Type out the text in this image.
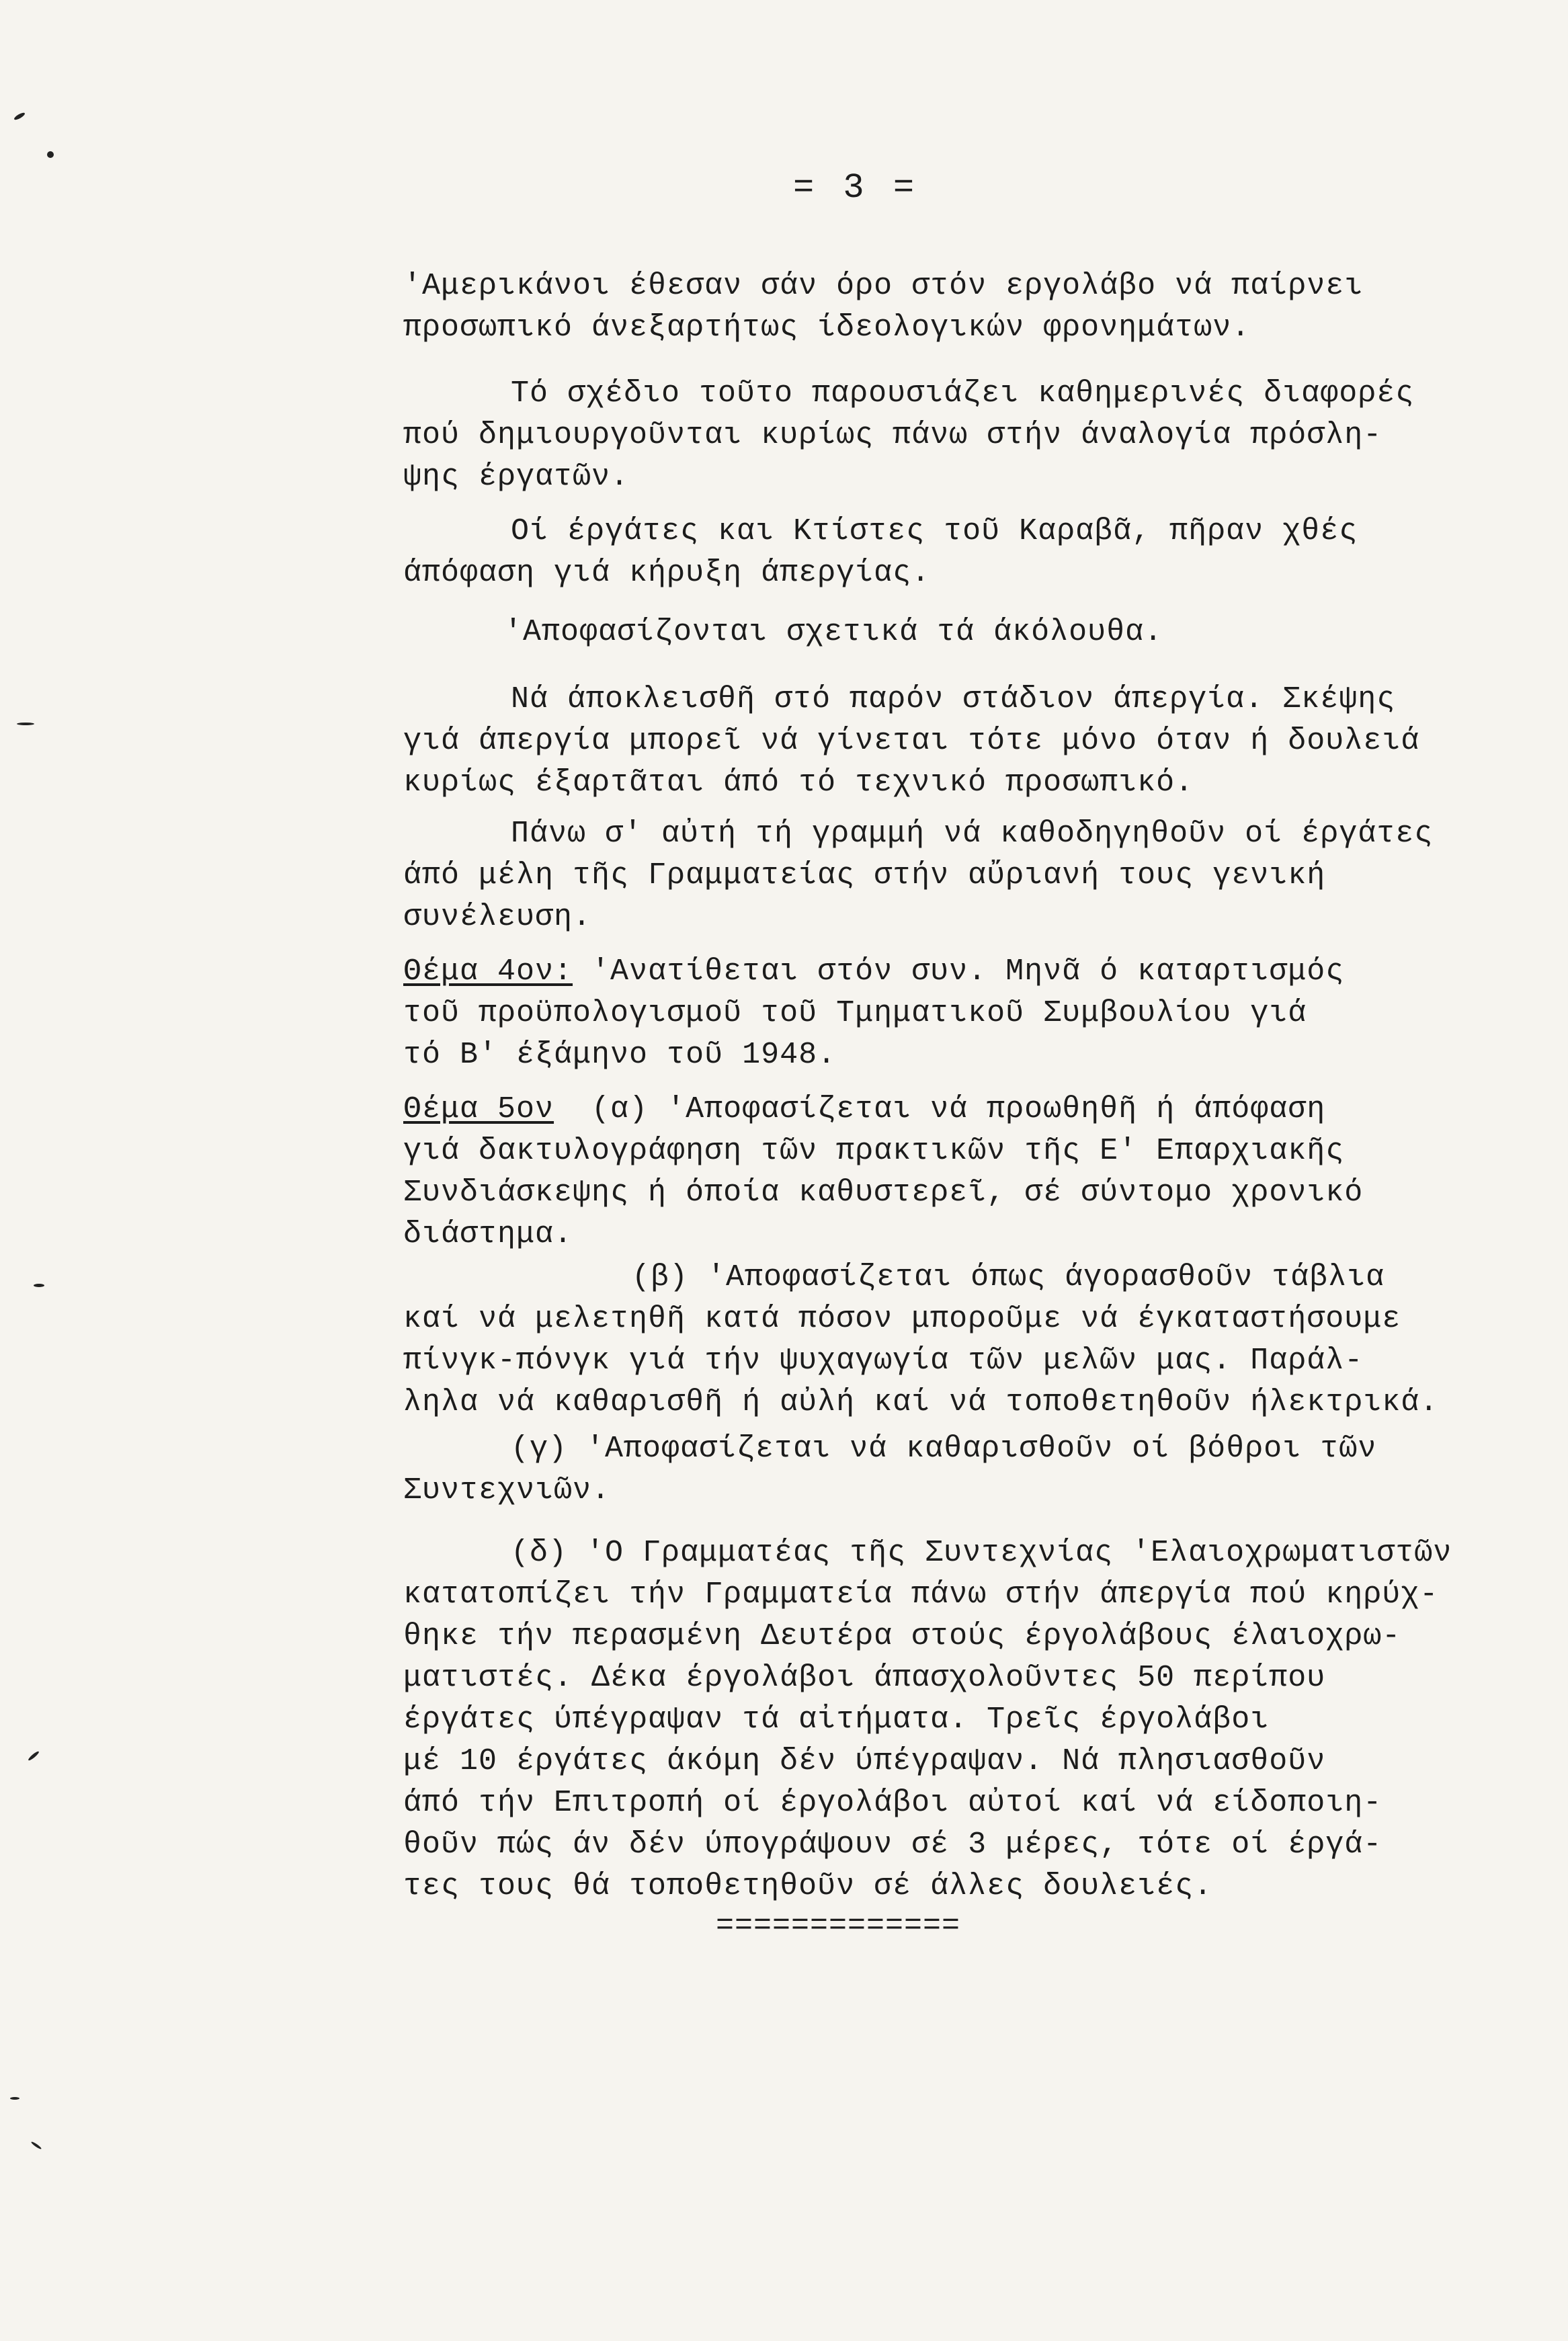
= 3 =

'Αμερικάνοι έθεσαν σάν όρο στόν εργολάβο νά παίρνει

προσωπικό άνεξαρτήτως ίδεολογικών φρονημάτων.

Τό σχέδιο τοῦτο παρουσιάζει καθημερινές διαφορές

πού δημιουργοῦνται κυρίως πάνω στήν άναλογία πρόσλη-

ψης έργατῶν.

Οί έργάτες και Κτίστες τοῦ Καραβᾶ, πῆραν χθές

άπόφαση γιά κήρυξη άπεργίας.

'Αποφασίζονται σχετικά τά άκόλουθα.

Νά άποκλεισθῆ στό παρόν στάδιον άπεργία. Σκέψης

γιά άπεργία μπορεῖ νά γίνεται τότε μόνο όταν ή δουλειά

κυρίως έξαρτᾶται άπό τό τεχνικό προσωπικό.

Πάνω σ' αὐτή τή γραμμή νά καθοδηγηθοῦν οί έργάτες

άπό μέλη τῆς Γραμματείας στήν αὔριανή τους γενική

συνέλευση.

Θέμα 4ον: 'Ανατίθεται στόν συν. Μηνᾶ ό καταρτισμός

τοῦ προϋπολογισμοῦ τοῦ Τμηματικοῦ Συμβουλίου γιά

τό Β' έξάμηνο τοῦ 1948.

Θέμα 5ον  (α) 'Αποφασίζεται νά προωθηθῆ ή άπόφαση

γιά δακτυλογράφηση τῶν πρακτικῶν τῆς Ε' Επαρχιακῆς

Συνδιάσκεψης ή όποία καθυστερεῖ, σέ σύντομο χρονικό

διάστημα.

(β) 'Αποφασίζεται όπως άγορασθοῦν τάβλια

καί νά μελετηθῆ κατά πόσον μποροῦμε νά έγκαταστήσουμε

πίνγκ-πόνγκ γιά τήν ψυχαγωγία τῶν μελῶν μας. Παράλ-

ληλα νά καθαρισθῆ ή αὐλή καί νά τοποθετηθοῦν ήλεκτρικά.

(γ) 'Αποφασίζεται νά καθαρισθοῦν οί βόθροι τῶν

Συντεχνιῶν.

(δ) 'Ο Γραμματέας τῆς Συντεχνίας 'Ελαιοχρωματιστῶν

κατατοπίζει τήν Γραμματεία πάνω στήν άπεργία πού κηρύχ-

θηκε τήν περασμένη Δευτέρα στούς έργολάβους έλαιοχρω-

ματιστές. Δέκα έργολάβοι άπασχολοῦντες 50 περίπου

έργάτες ύπέγραψαν τά αἰτήματα. Τρεῖς έργολάβοι

μέ 10 έργάτες άκόμη δέν ύπέγραψαν. Νά πλησιασθοῦν

άπό τήν Επιτροπή οί έργολάβοι αὐτοί καί νά είδοποιη-

θοῦν πώς άν δέν ύπογράψουν σέ 3 μέρες, τότε οί έργά-

τες τους θά τοποθετηθοῦν σέ άλλες δουλειές.

=============
